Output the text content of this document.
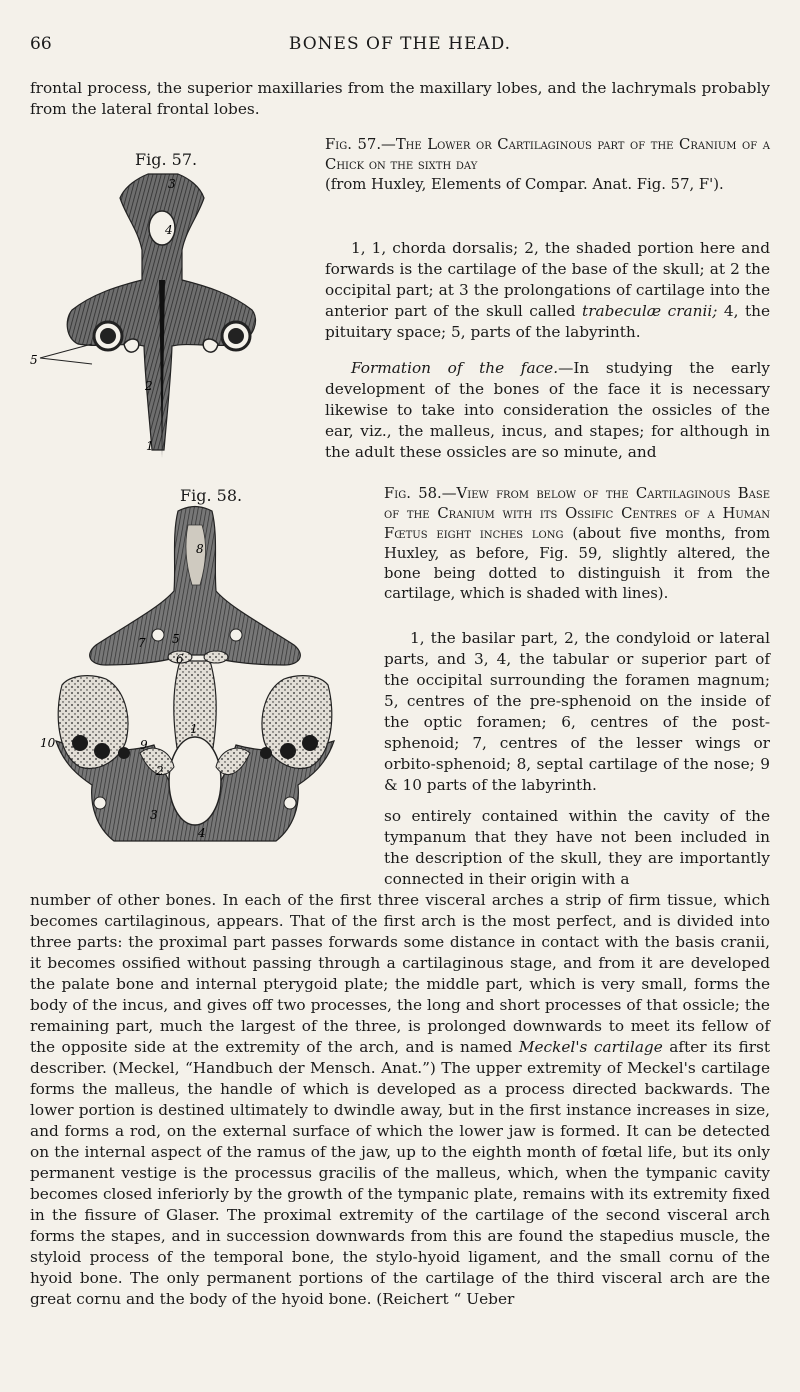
66	BONES OF THE HEAD.

frontal process, the superior maxillaries from the maxillary lobes, and the lachrymals probably from the lateral frontal lobes.

Fig. 57.
3
4
5
2
1

Fig. 57.—The Lower or Cartilaginous part of the Cranium of a Chick on the sixth day

(from Huxley, Elements of Compar. Anat. Fig. 57, F').

1, 1, chorda dorsalis; 2, the shaded portion here and forwards is the cartilage of the base of the skull; at 2 the occipital part; at 3 the prolongations of cartilage into the anterior part of the skull called trabeculæ cranii; 4, the pituitary space; 5, parts of the labyrinth.

Formation of the face.—In studying the early development of the bones of the face it is necessary likewise to take into consideration the ossicles of the ear, viz., the malleus, incus, and stapes; for although in the adult these ossicles are so minute, and

Fig. 58.
8
7 5
6
1
10	9
2
3
4

Fig. 58.—View from below of the Cartilaginous Base of the Cranium with its Ossific Centres of a Human Fœtus eight inches long (about five months, from Huxley, as before, Fig. 59, slightly altered, the bone being dotted to distinguish it from the cartilage, which is shaded with lines).

1, the basilar part, 2, the condyloid or lateral parts, and 3, 4, the tabular or superior part of the occipital surrounding the foramen magnum; 5, centres of the pre-sphenoid on the inside of the optic foramen; 6, centres of the post-sphenoid; 7, centres of the lesser wings or orbito-sphenoid; 8, septal cartilage of the nose; 9 & 10 parts of the labyrinth.

so entirely contained within the cavity of the tympanum that they have not been included in the description of the skull, they are importantly connected in their origin with a

number of other bones. In each of the first three visceral arches a strip of firm tissue, which becomes cartilaginous, appears. That of the first arch is the most perfect, and is divided into three parts: the proximal part passes forwards some distance in contact with the basis cranii, it becomes ossified without passing through a cartilaginous stage, and from it are developed the palate bone and internal pterygoid plate; the middle part, which is very small, forms the body of the incus, and gives off two processes, the long and short processes of that ossicle; the remaining part, much the largest of the three, is prolonged downwards to meet its fellow of the opposite side at the extremity of the arch, and is named Meckel's cartilage after its first describer. (Meckel, “Handbuch der Mensch. Anat.”) The upper extremity of Meckel's cartilage forms the malleus, the handle of which is developed as a process directed backwards. The lower portion is destined ultimately to dwindle away, but in the first instance increases in size, and forms a rod, on the external surface of which the lower jaw is formed. It can be detected on the internal aspect of the ramus of the jaw, up to the eighth month of fœtal life, but its only permanent vestige is the processus gracilis of the malleus, which, when the tympanic cavity becomes closed inferiorly by the growth of the tympanic plate, remains with its extremity fixed in the fissure of Glaser. The proximal extremity of the cartilage of the second visceral arch forms the stapes, and in succession downwards from this are found the stapedius muscle, the styloid process of the temporal bone, the stylo-hyoid ligament, and the small cornu of the hyoid bone. The only permanent portions of the cartilage of the third visceral arch are the great cornu and the body of the hyoid bone. (Reichert “ Ueber
